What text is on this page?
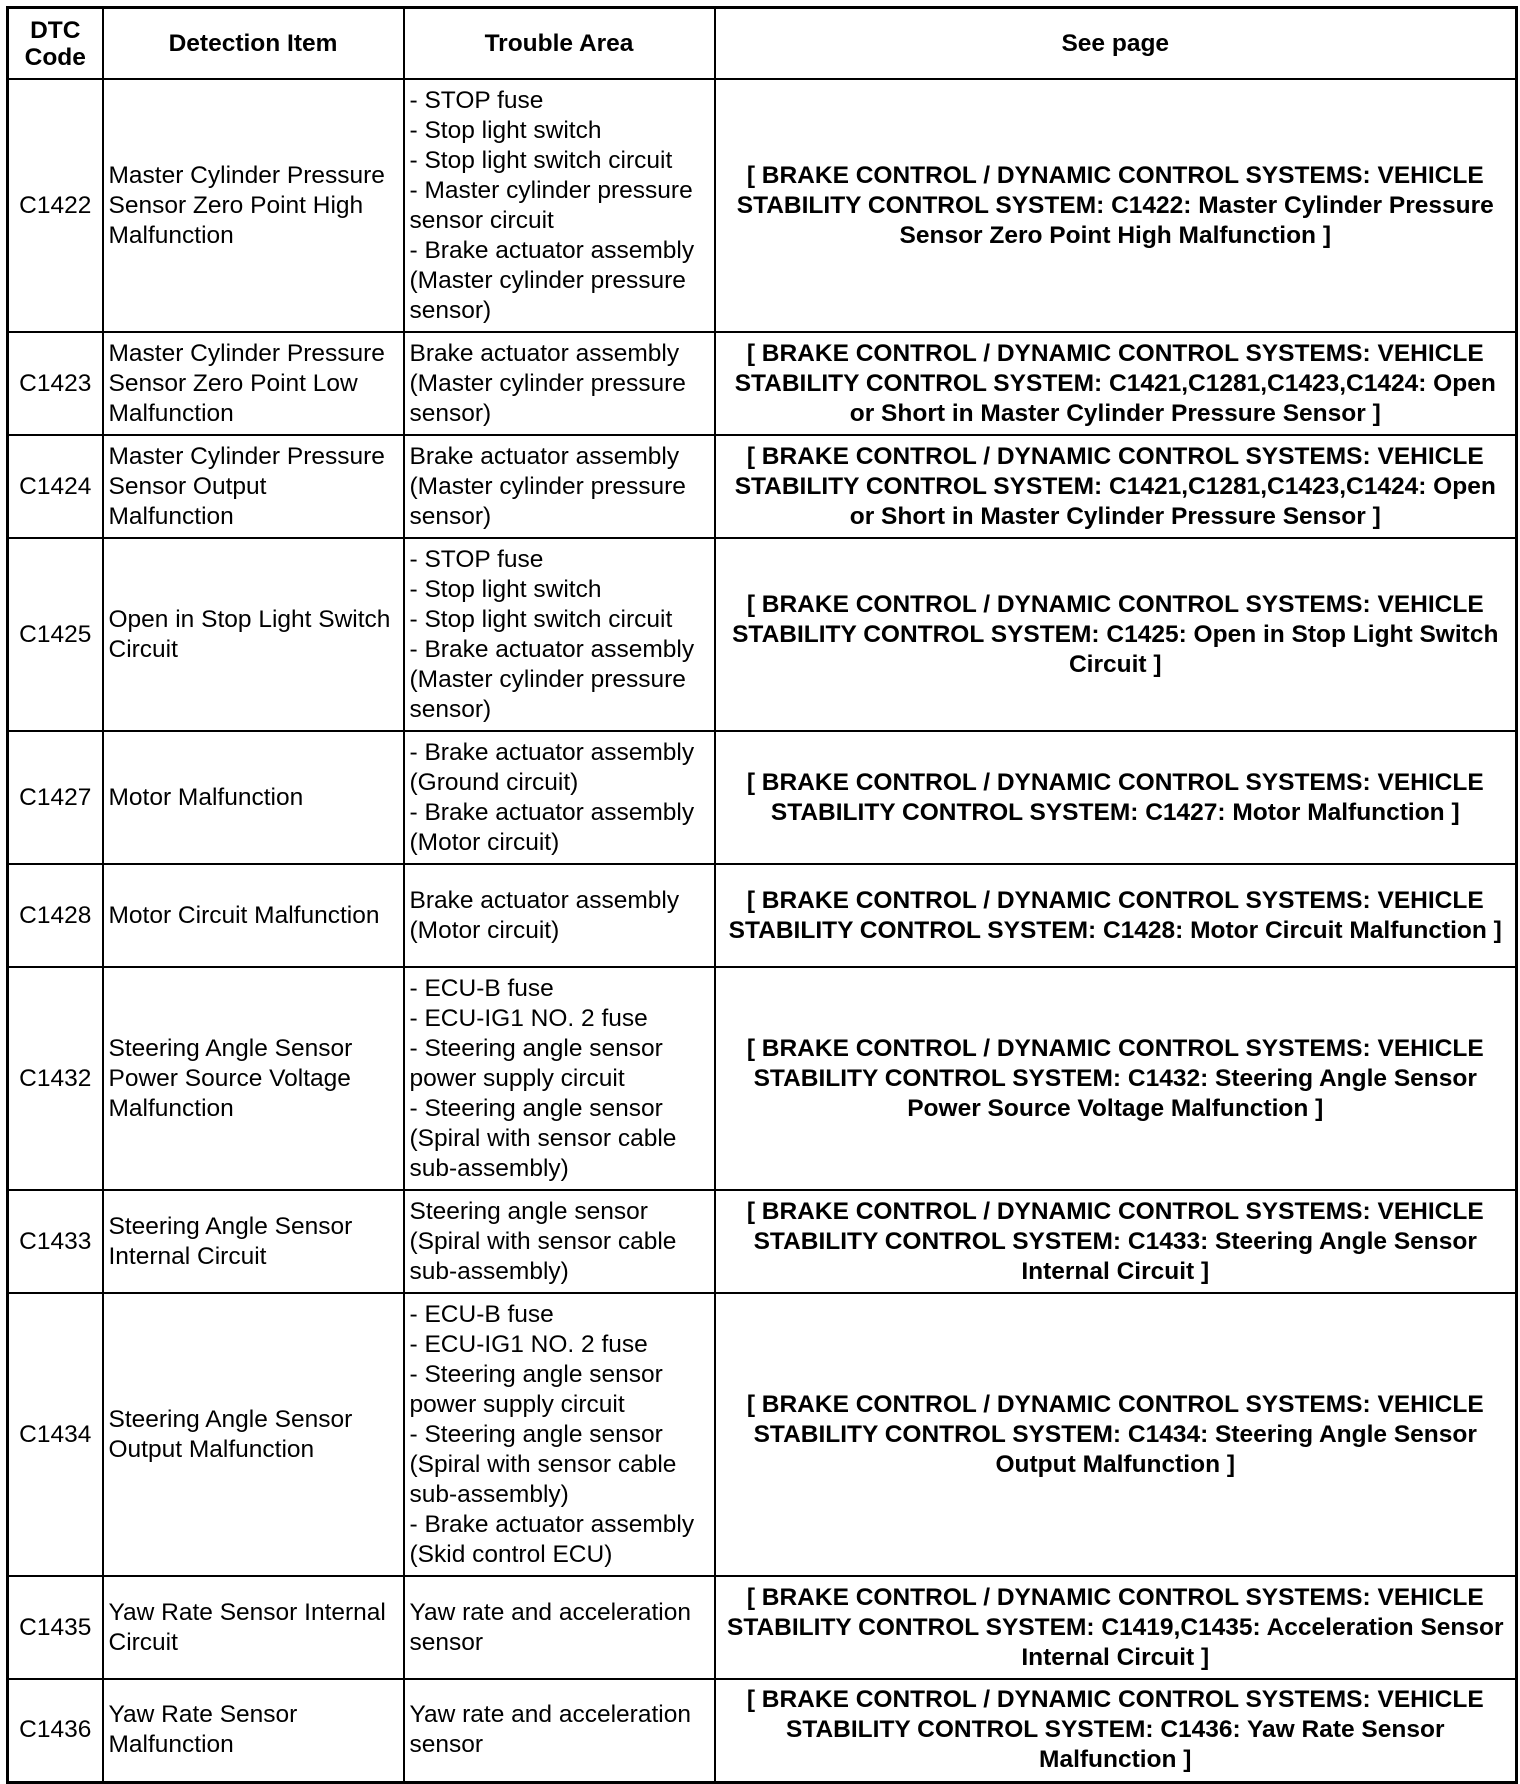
DTC Code	Detection Item	Trouble Area	See page
C1422	Master Cylinder Pressure Sensor Zero Point High Malfunction	- STOP fuse
- Stop light switch
- Stop light switch circuit
- Master cylinder pressure sensor circuit
- Brake actuator assembly (Master cylinder pressure sensor)	[ BRAKE CONTROL / DYNAMIC CONTROL SYSTEMS: VEHICLE STABILITY CONTROL SYSTEM: C1422: Master Cylinder Pressure Sensor Zero Point High Malfunction ]
C1423	Master Cylinder Pressure Sensor Zero Point Low Malfunction	Brake actuator assembly (Master cylinder pressure sensor)	[ BRAKE CONTROL / DYNAMIC CONTROL SYSTEMS: VEHICLE STABILITY CONTROL SYSTEM: C1421,C1281,C1423,C1424: Open or Short in Master Cylinder Pressure Sensor ]
C1424	Master Cylinder Pressure Sensor Output Malfunction	Brake actuator assembly (Master cylinder pressure sensor)	[ BRAKE CONTROL / DYNAMIC CONTROL SYSTEMS: VEHICLE STABILITY CONTROL SYSTEM: C1421,C1281,C1423,C1424: Open or Short in Master Cylinder Pressure Sensor ]
C1425	Open in Stop Light Switch Circuit	- STOP fuse
- Stop light switch
- Stop light switch circuit
- Brake actuator assembly (Master cylinder pressure sensor)	[ BRAKE CONTROL / DYNAMIC CONTROL SYSTEMS: VEHICLE STABILITY CONTROL SYSTEM: C1425: Open in Stop Light Switch Circuit ]
C1427	Motor Malfunction	- Brake actuator assembly (Ground circuit)
- Brake actuator assembly (Motor circuit)	[ BRAKE CONTROL / DYNAMIC CONTROL SYSTEMS: VEHICLE STABILITY CONTROL SYSTEM: C1427: Motor Malfunction ]
C1428	Motor Circuit Malfunction	Brake actuator assembly (Motor circuit)	[ BRAKE CONTROL / DYNAMIC CONTROL SYSTEMS: VEHICLE STABILITY CONTROL SYSTEM: C1428: Motor Circuit Malfunction ]
C1432	Steering Angle Sensor Power Source Voltage Malfunction	- ECU-B fuse
- ECU-IG1 NO. 2 fuse
- Steering angle sensor power supply circuit
- Steering angle sensor (Spiral with sensor cable sub-assembly)	[ BRAKE CONTROL / DYNAMIC CONTROL SYSTEMS: VEHICLE STABILITY CONTROL SYSTEM: C1432: Steering Angle Sensor Power Source Voltage Malfunction ]
C1433	Steering Angle Sensor Internal Circuit	Steering angle sensor (Spiral with sensor cable sub-assembly)	[ BRAKE CONTROL / DYNAMIC CONTROL SYSTEMS: VEHICLE STABILITY CONTROL SYSTEM: C1433: Steering Angle Sensor Internal Circuit ]
C1434	Steering Angle Sensor Output Malfunction	- ECU-B fuse
- ECU-IG1 NO. 2 fuse
- Steering angle sensor power supply circuit
- Steering angle sensor (Spiral with sensor cable sub-assembly)
- Brake actuator assembly (Skid control ECU)	[ BRAKE CONTROL / DYNAMIC CONTROL SYSTEMS: VEHICLE STABILITY CONTROL SYSTEM: C1434: Steering Angle Sensor Output Malfunction ]
C1435	Yaw Rate Sensor Internal Circuit	Yaw rate and acceleration sensor	[ BRAKE CONTROL / DYNAMIC CONTROL SYSTEMS: VEHICLE STABILITY CONTROL SYSTEM: C1419,C1435: Acceleration Sensor Internal Circuit ]
C1436	Yaw Rate Sensor Malfunction	Yaw rate and acceleration sensor	[ BRAKE CONTROL / DYNAMIC CONTROL SYSTEMS: VEHICLE STABILITY CONTROL SYSTEM: C1436: Yaw Rate Sensor Malfunction ]
